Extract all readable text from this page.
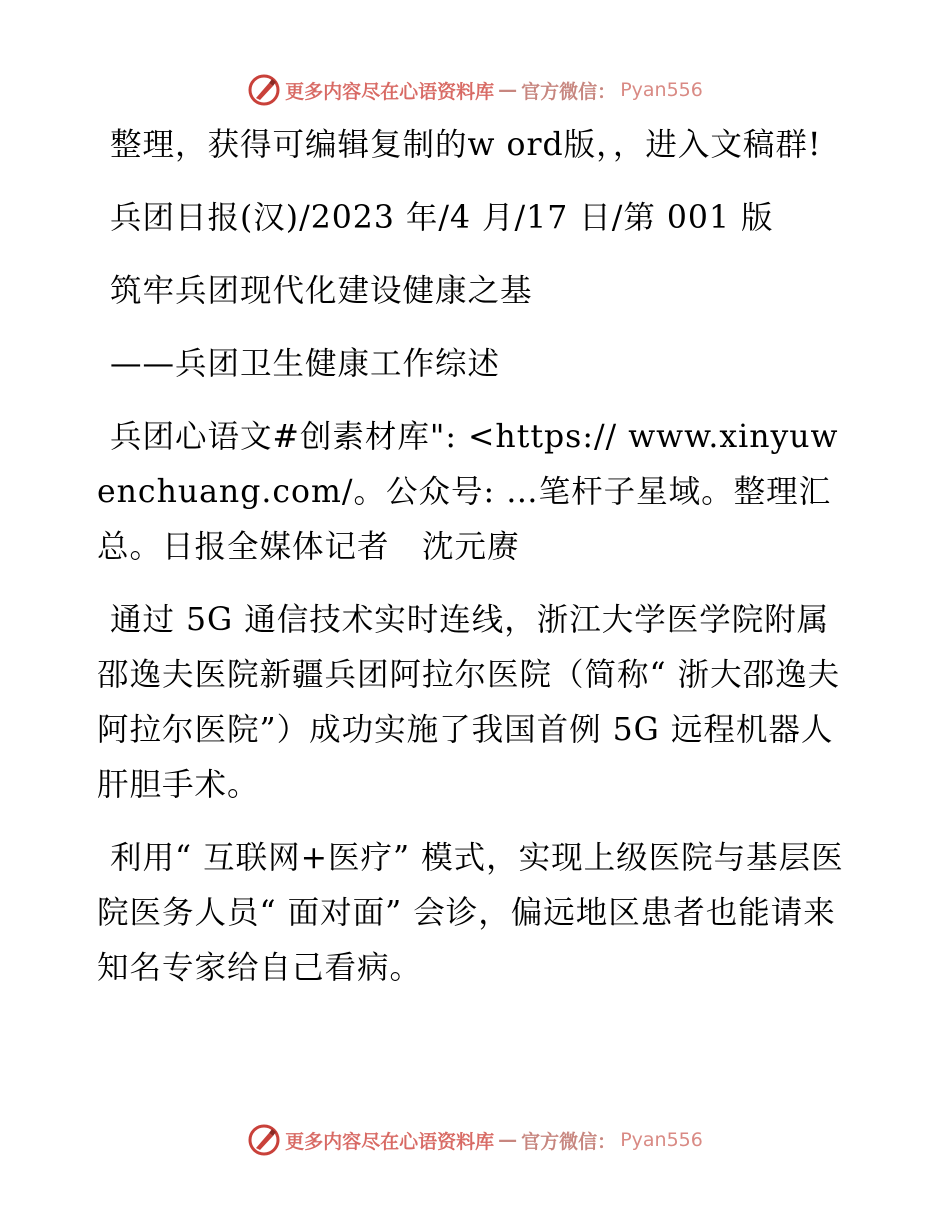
更多内容尽在心语资料库 — 官方微信： Pyan556

整理，获得可编辑复制的w ord版，，进入文稿群!

兵团日报(汉)/2023 年/4 月/17 日/第 001 版

筑牢兵团现代化建设健康之基

——兵团卫生健康工作综述

兵团心语文#创素材库": <https:// www.xinyuwenchuang.com/。公众号: …笔杆子星域。整理汇总。日报全媒体记者　沈元赓

通过 5G 通信技术实时连线，浙江大学医学院附属邵逸夫医院新疆兵团阿拉尔医院（简称“ 浙大邵逸夫阿拉尔医院”）成功实施了我国首例 5G 远程机器人肝胆手术。

利用“ 互联网+医疗” 模式，实现上级医院与基层医院医务人员“ 面对面” 会诊，偏远地区患者也能请来知名专家给自己看病。

更多内容尽在心语资料库 — 官方微信： Pyan556
